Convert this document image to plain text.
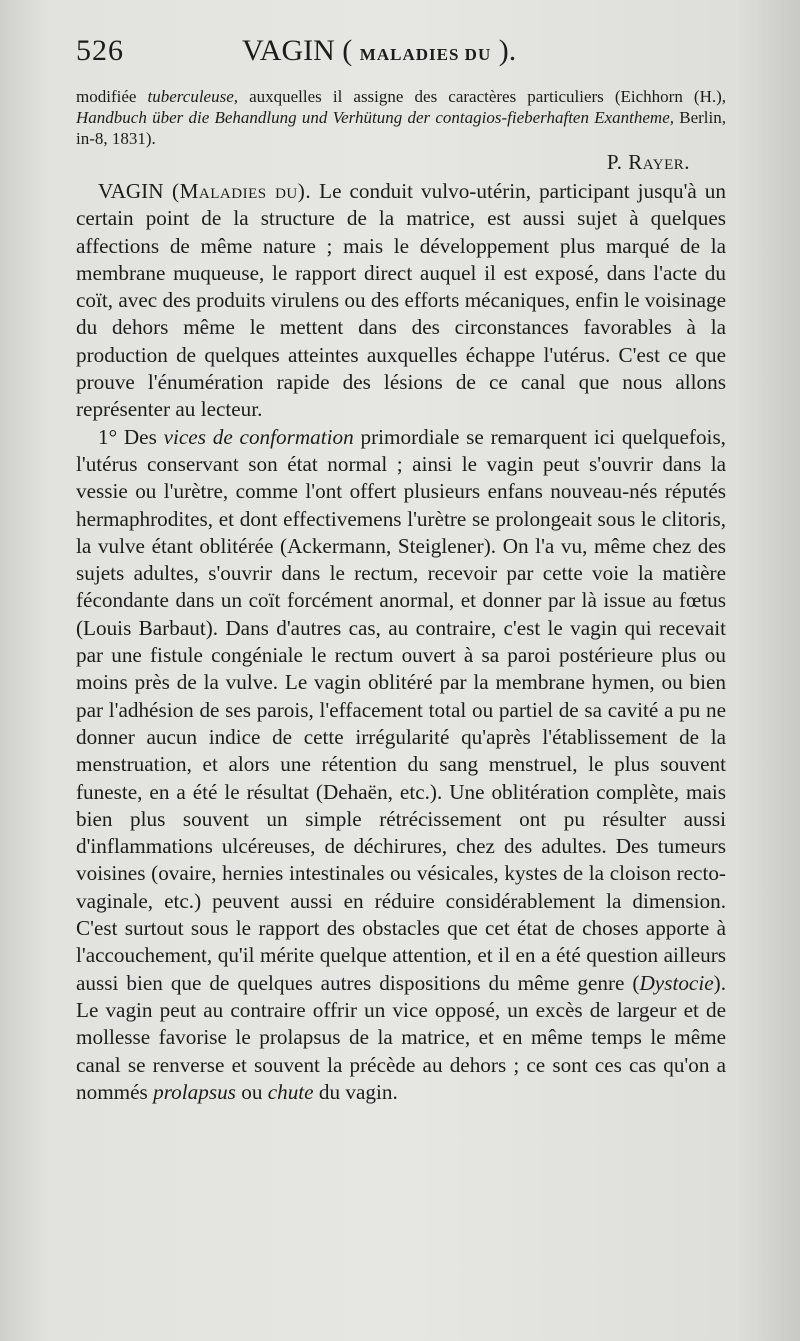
526	VAGIN ( MALADIES DU ).

modifiée tuberculeuse, auxquelles il assigne des caractères particuliers (Eichhorn (H.), Handbuch über die Behandlung und Verhütung der contagios-fieberhaften Exantheme, Berlin, in-8, 1831).

P. Rayer.

VAGIN (Maladies du). Le conduit vulvo-utérin, participant jusqu'à un certain point de la structure de la matrice, est aussi sujet à quelques affections de même nature ; mais le développement plus marqué de la membrane muqueuse, le rapport direct auquel il est exposé, dans l'acte du coït, avec des produits virulens ou des efforts mécaniques, enfin le voisinage du dehors même le mettent dans des circonstances favorables à la production de quelques atteintes auxquelles échappe l'utérus. C'est ce que prouve l'énumération rapide des lésions de ce canal que nous allons représenter au lecteur.

1° Des vices de conformation primordiale se remarquent ici quelquefois, l'utérus conservant son état normal ; ainsi le vagin peut s'ouvrir dans la vessie ou l'urètre, comme l'ont offert plusieurs enfans nouveau-nés réputés hermaphrodites, et dont effectivemens l'urètre se prolongeait sous le clitoris, la vulve étant oblitérée (Ackermann, Steiglener). On l'a vu, même chez des sujets adultes, s'ouvrir dans le rectum, recevoir par cette voie la matière fécondante dans un coït forcément anormal, et donner par là issue au fœtus (Louis Barbaut). Dans d'autres cas, au contraire, c'est le vagin qui recevait par une fistule congéniale le rectum ouvert à sa paroi postérieure plus ou moins près de la vulve. Le vagin oblitéré par la membrane hymen, ou bien par l'adhésion de ses parois, l'effacement total ou partiel de sa cavité a pu ne donner aucun indice de cette irrégularité qu'après l'établissement de la menstruation, et alors une rétention du sang menstruel, le plus souvent funeste, en a été le résultat (Dehaën, etc.). Une oblitération complète, mais bien plus souvent un simple rétrécissement ont pu résulter aussi d'inflammations ulcéreuses, de déchirures, chez des adultes. Des tumeurs voisines (ovaire, hernies intestinales ou vésicales, kystes de la cloison recto-vaginale, etc.) peuvent aussi en réduire considérablement la dimension. C'est surtout sous le rapport des obstacles que cet état de choses apporte à l'accouchement, qu'il mérite quelque attention, et il en a été question ailleurs aussi bien que de quelques autres dispositions du même genre (Dystocie). Le vagin peut au contraire offrir un vice opposé, un excès de largeur et de mollesse favorise le prolapsus de la matrice, et en même temps le même canal se renverse et souvent la précède au dehors ; ce sont ces cas qu'on a nommés prolapsus ou chute du vagin.
